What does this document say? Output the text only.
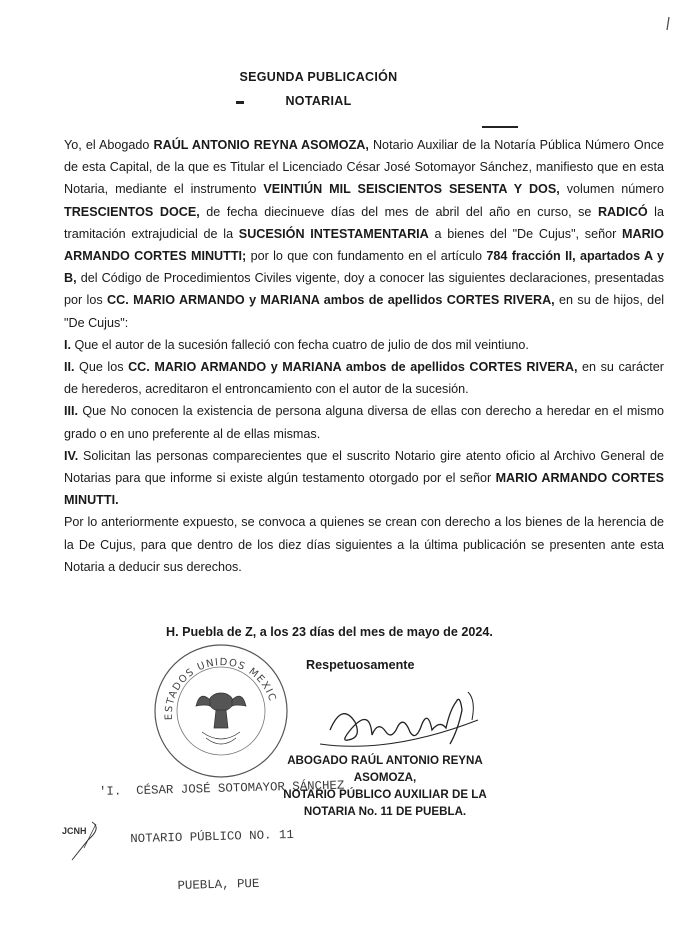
SEGUNDA PUBLICACIÓN
NOTARIAL

Yo, el Abogado RAÚL ANTONIO REYNA ASOMOZA, Notario Auxiliar de la Notaría Pública Número Once de esta Capital, de la que es Titular el Licenciado César José Sotomayor Sánchez, manifiesto que en esta Notaria, mediante el instrumento VEINTIÚN MIL SEISCIENTOS SESENTA Y DOS, volumen número TRESCIENTOS DOCE, de fecha diecinueve días del mes de abril del año en curso, se RADICÓ la tramitación extrajudicial de la SUCESIÓN INTESTAMENTARIA a bienes del "De Cujus", señor MARIO ARMANDO CORTES MINUTTI; por lo que con fundamento en el artículo 784 fracción II, apartados A y B, del Código de Procedimientos Civiles vigente, doy a conocer las siguientes declaraciones, presentadas por los CC. MARIO ARMANDO y MARIANA ambos de apellidos CORTES RIVERA, en su de hijos, del "De Cujus":

I. Que el autor de la sucesión falleció con fecha cuatro de julio de dos mil veintiuno.

II. Que los CC. MARIO ARMANDO y MARIANA ambos de apellidos CORTES RIVERA, en su carácter de herederos, acreditaron el entroncamiento con el autor de la sucesión.

III. Que No conocen la existencia de persona alguna diversa de ellas con derecho a heredar en el mismo grado o en uno preferente al de ellas mismas.

IV. Solicitan las personas comparecientes que el suscrito Notario gire atento oficio al Archivo General de Notarias para que informe si existe algún testamento otorgado por el señor MARIO ARMANDO CORTES MINUTTI.

Por lo anteriormente expuesto, se convoca a quienes se crean con derecho a los bienes de la herencia de la De Cujus, para que dentro de los diez días siguientes a la última publicación se presenten ante esta Notaria a deducir sus derechos.

H. Puebla de Z, a los 23 días del mes de mayo de 2024.
ESTADOS UNIDOS MEXIC
Respetuosamente
ABOGADO RAÚL ANTONIO REYNA ASOMOZA,
NOTARIO PÚBLICO AUXILIAR DE LA
NOTARIA No. 11 DE PUEBLA.

'I.  CÉSAR JOSÉ SOTOMAYOR SÁNCHEZ

NOTARIO PÚBLICO NO. 11

PUEBLA, PUE

JCNH
